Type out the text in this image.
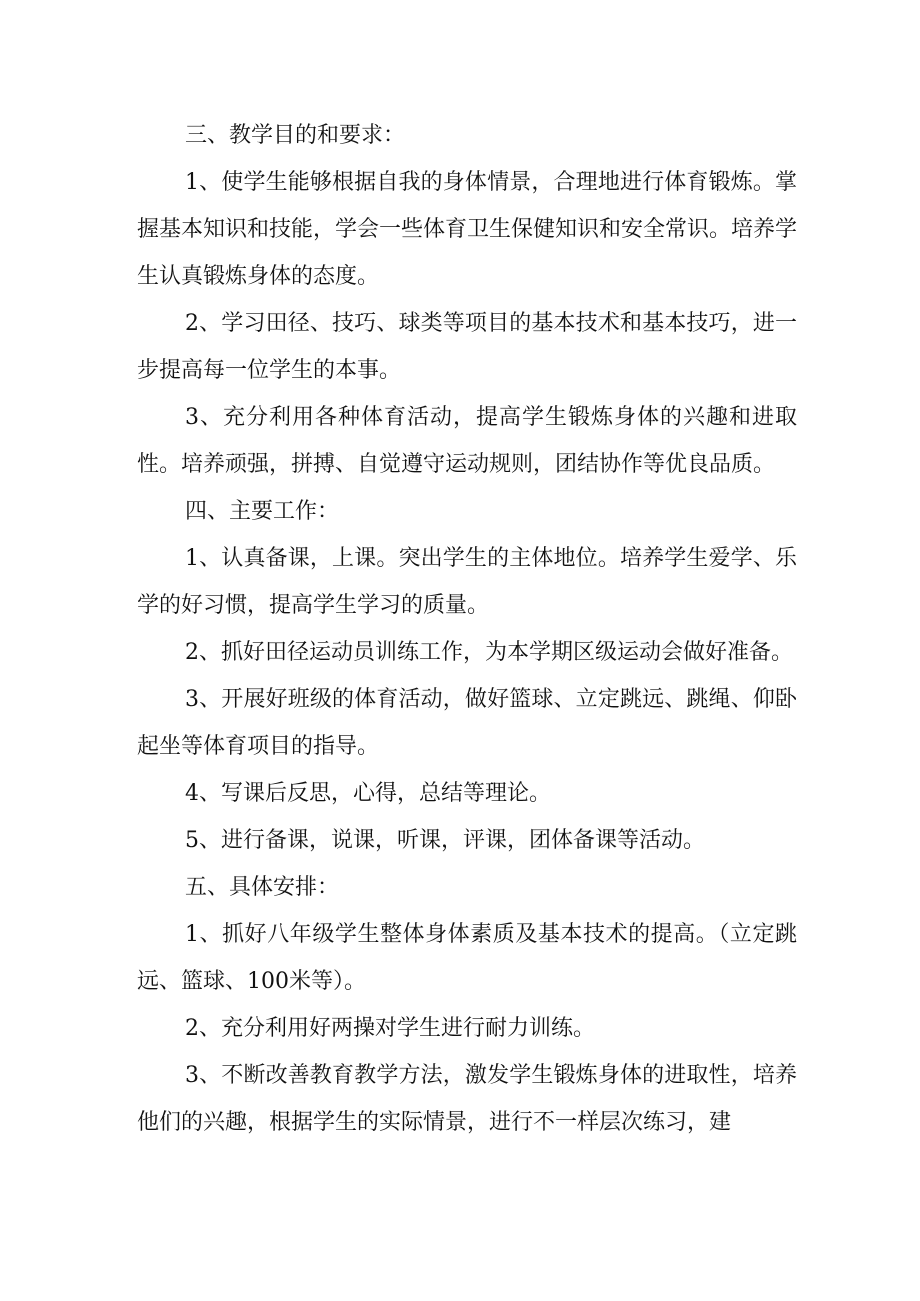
三、教学目的和要求：

1、使学生能够根据自我的身体情景，合理地进行体育锻炼。掌握基本知识和技能，学会一些体育卫生保健知识和安全常识。培养学生认真锻炼身体的态度。

2、学习田径、技巧、球类等项目的基本技术和基本技巧，进一步提高每一位学生的本事。

3、充分利用各种体育活动，提高学生锻炼身体的兴趣和进取性。培养顽强，拼搏、自觉遵守运动规则，团结协作等优良品质。

四、主要工作：

1、认真备课，上课。突出学生的主体地位。培养学生爱学、乐学的好习惯，提高学生学习的质量。

2、抓好田径运动员训练工作，为本学期区级运动会做好准备。

3、开展好班级的体育活动，做好篮球、立定跳远、跳绳、仰卧起坐等体育项目的指导。

4、写课后反思，心得，总结等理论。

5、进行备课，说课，听课，评课，团体备课等活动。

五、具体安排：

1、抓好八年级学生整体身体素质及基本技术的提高。（立定跳远、篮球、100米等）。

2、充分利用好两操对学生进行耐力训练。

3、不断改善教育教学方法，激发学生锻炼身体的进取性，培养他们的兴趣，根据学生的实际情景，进行不一样层次练习，建
